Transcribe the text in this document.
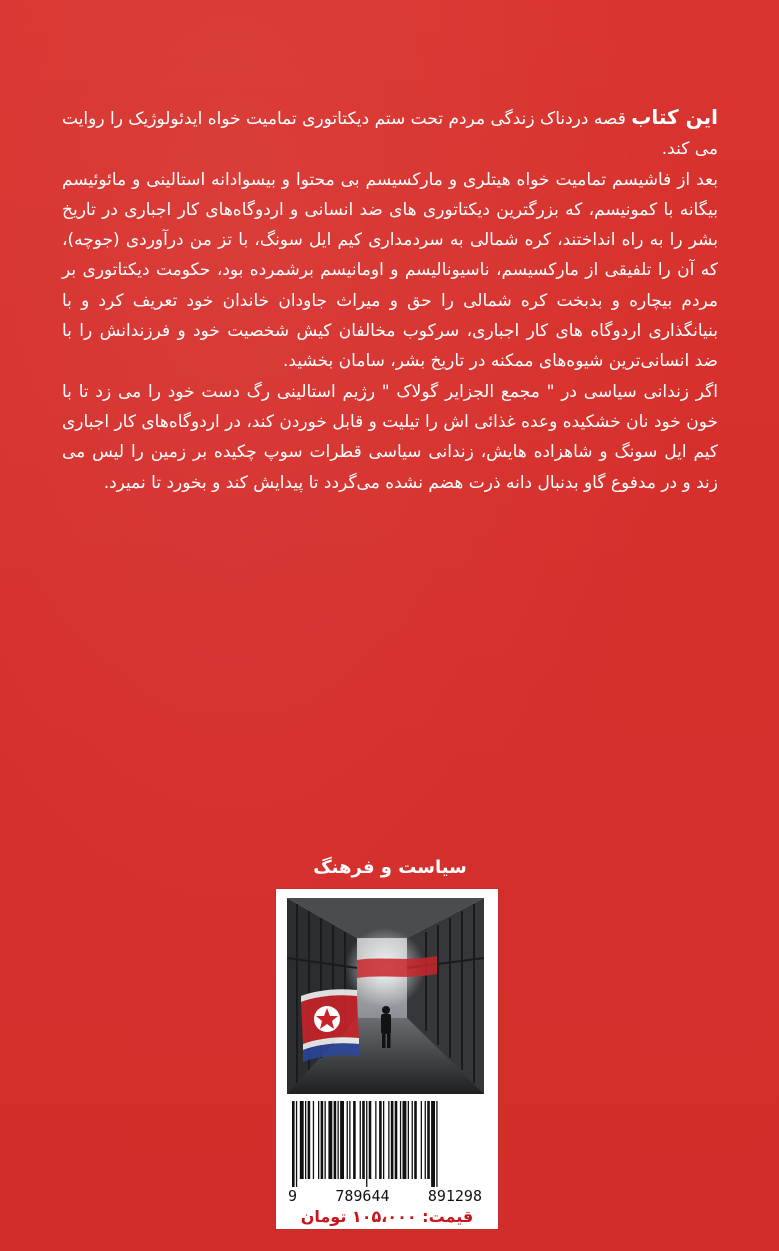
این کتاب قصه دردناک زندگی مردم تحت ستم دیکتاتوری تمامیت خواه ایدئولوژیک را روایت می کند.

بعد از فاشیسم تمامیت خواه هیتلری و مارکسیسم بی محتوا و بیسوادانه استالینی و مائوئیسم بیگانه با کمونیسم، که بزرگترین دیکتاتوری های ضد انسانی و اردوگاه‌های کار اجباری در تاریخ بشر را به راه انداختند، کره شمالی به سردمداری کیم ایل سونگ، با تز من درآوردی (جوچه)، که آن را تلفیقی از مارکسیسم، ناسیونالیسم و اومانیسم برشمرده بود، حکومت دیکتاتوری بر مردم بیچاره و بدبخت کره شمالی را حق و میراث جاودان خاندان خود تعریف کرد و با بنیانگذاری اردوگاه های کار اجباری، سرکوب مخالفان کیش شخصیت خود و فرزندانش را با ضد انسانی‌ترین شیوه‌های ممکنه در تاریخ بشر، سامان بخشید.

اگر زندانی سیاسی در " مجمع الجزایر گولاک " رژیم استالینی رگ دست خود را می زد تا با خون خود نان خشکیده وعده غذائی اش را تیلیت و قابل خوردن کند، در اردوگاه‌های کار اجباری کیم ایل سونگ و شاهزاده هایش، زندانی سیاسی قطرات سوپ چکیده بر زمین را لیس می زند و در مدفوع گاو بدنبال دانه ذرت هضم نشده می‌گردد تا پیدایش کند و بخورد تا نمیرد.

سیاست و فرهنگ
9	789644	891298
قیمت: ۱۰۵،۰۰۰ تومان
